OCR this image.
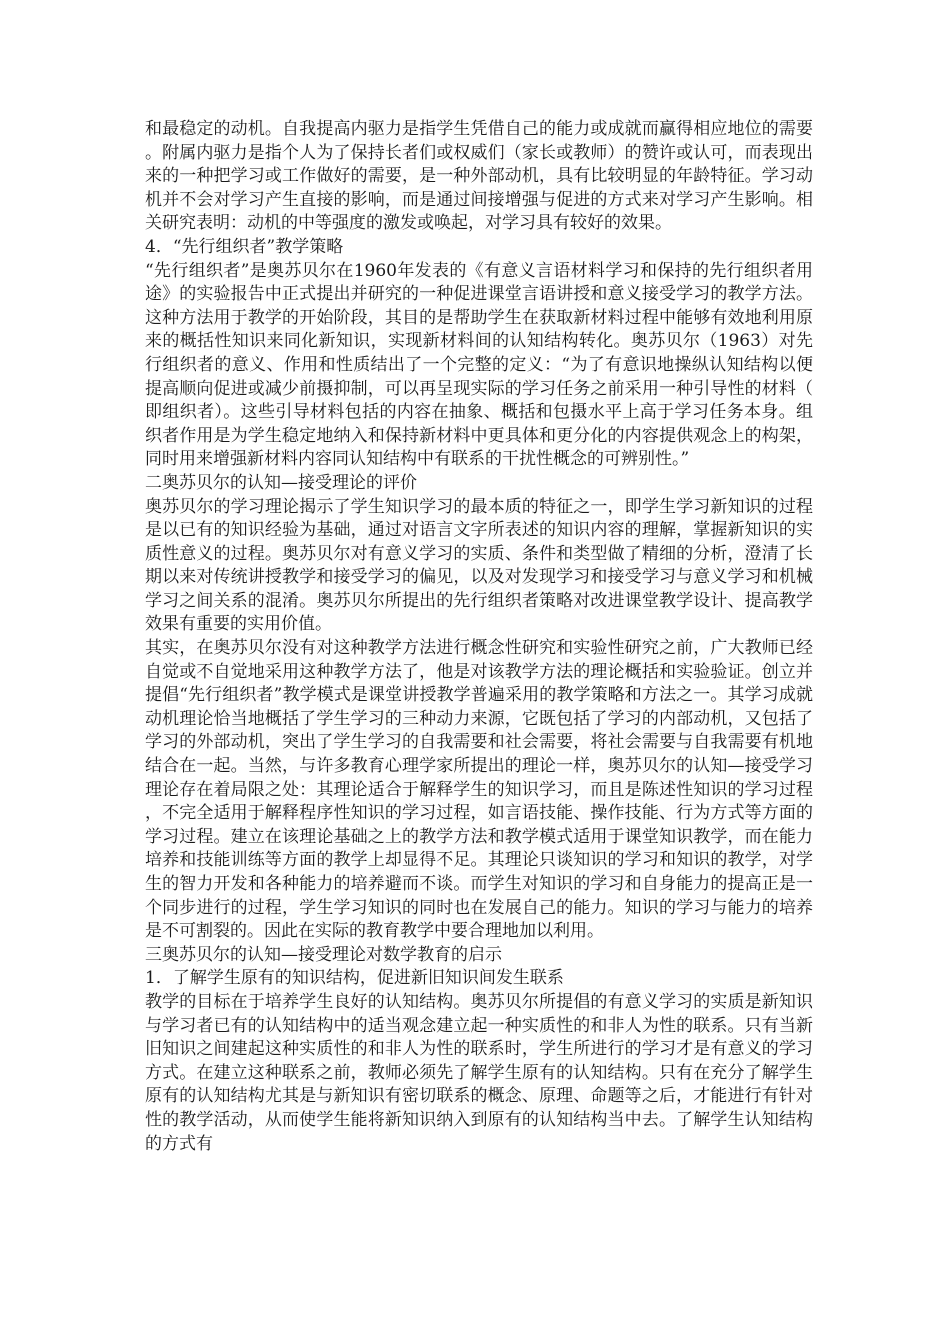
和最稳定的动机。自我提高内驱力是指学生凭借自己的能力或成就而赢得相应地位的需要。附属内驱力是指个人为了保持长者们或权威们（家长或教师）的赞许或认可，而表现出来的一种把学习或工作做好的需要，是一种外部动机，具有比较明显的年龄特征。学习动机并不会对学习产生直接的影响，而是通过间接增强与促进的方式来对学习产生影响。相关研究表明：动机的中等强度的激发或唤起，对学习具有较好的效果。

4．“先行组织者”教学策略

“先行组织者”是奥苏贝尔在1960年发表的《有意义言语材料学习和保持的先行组织者用途》的实验报告中正式提出并研究的一种促进课堂言语讲授和意义接受学习的教学方法。这种方法用于教学的开始阶段，其目的是帮助学生在获取新材料过程中能够有效地利用原来的概括性知识来同化新知识，实现新材料间的认知结构转化。奥苏贝尔（1963）对先行组织者的意义、作用和性质结出了一个完整的定义：“为了有意识地操纵认知结构以便提高顺向促进或减少前摄抑制，可以再呈现实际的学习任务之前采用一种引导性的材料（即组织者）。这些引导材料包括的内容在抽象、概括和包摄水平上高于学习任务本身。组织者作用是为学生稳定地纳入和保持新材料中更具体和更分化的内容提供观念上的构架，同时用来增强新材料内容同认知结构中有联系的干扰性概念的可辨别性。”

二奥苏贝尔的认知—接受理论的评价

奥苏贝尔的学习理论揭示了学生知识学习的最本质的特征之一，即学生学习新知识的过程是以已有的知识经验为基础，通过对语言文字所表述的知识内容的理解，掌握新知识的实质性意义的过程。奥苏贝尔对有意义学习的实质、条件和类型做了精细的分析，澄清了长期以来对传统讲授教学和接受学习的偏见，以及对发现学习和接受学习与意义学习和机械学习之间关系的混淆。奥苏贝尔所提出的先行组织者策略对改进课堂教学设计、提高教学效果有重要的实用价值。

其实，在奥苏贝尔没有对这种教学方法进行概念性研究和实验性研究之前，广大教师已经自觉或不自觉地采用这种教学方法了，他是对该教学方法的理论概括和实验验证。创立并提倡“先行组织者”教学模式是课堂讲授教学普遍采用的教学策略和方法之一。其学习成就动机理论恰当地概括了学生学习的三种动力来源，它既包括了学习的内部动机，又包括了学习的外部动机，突出了学生学习的自我需要和社会需要，将社会需要与自我需要有机地结合在一起。当然，与许多教育心理学家所提出的理论一样，奥苏贝尔的认知—接受学习理论存在着局限之处：其理论适合于解释学生的知识学习，而且是陈述性知识的学习过程，不完全适用于解释程序性知识的学习过程，如言语技能、操作技能、行为方式等方面的学习过程。建立在该理论基础之上的教学方法和教学模式适用于课堂知识教学，而在能力培养和技能训练等方面的教学上却显得不足。其理论只谈知识的学习和知识的教学，对学生的智力开发和各种能力的培养避而不谈。而学生对知识的学习和自身能力的提高正是一个同步进行的过程，学生学习知识的同时也在发展自己的能力。知识的学习与能力的培养是不可割裂的。因此在实际的教育教学中要合理地加以利用。

三奥苏贝尔的认知—接受理论对数学教育的启示

1．了解学生原有的知识结构，促进新旧知识间发生联系

教学的目标在于培养学生良好的认知结构。奥苏贝尔所提倡的有意义学习的实质是新知识与学习者已有的认知结构中的适当观念建立起一种实质性的和非人为性的联系。只有当新旧知识之间建起这种实质性的和非人为性的联系时，学生所进行的学习才是有意义的学习方式。在建立这种联系之前，教师必须先了解学生原有的认知结构。只有在充分了解学生原有的认知结构尤其是与新知识有密切联系的概念、原理、命题等之后，才能进行有针对性的教学活动，从而使学生能将新知识纳入到原有的认知结构当中去。了解学生认知结构的方式有
